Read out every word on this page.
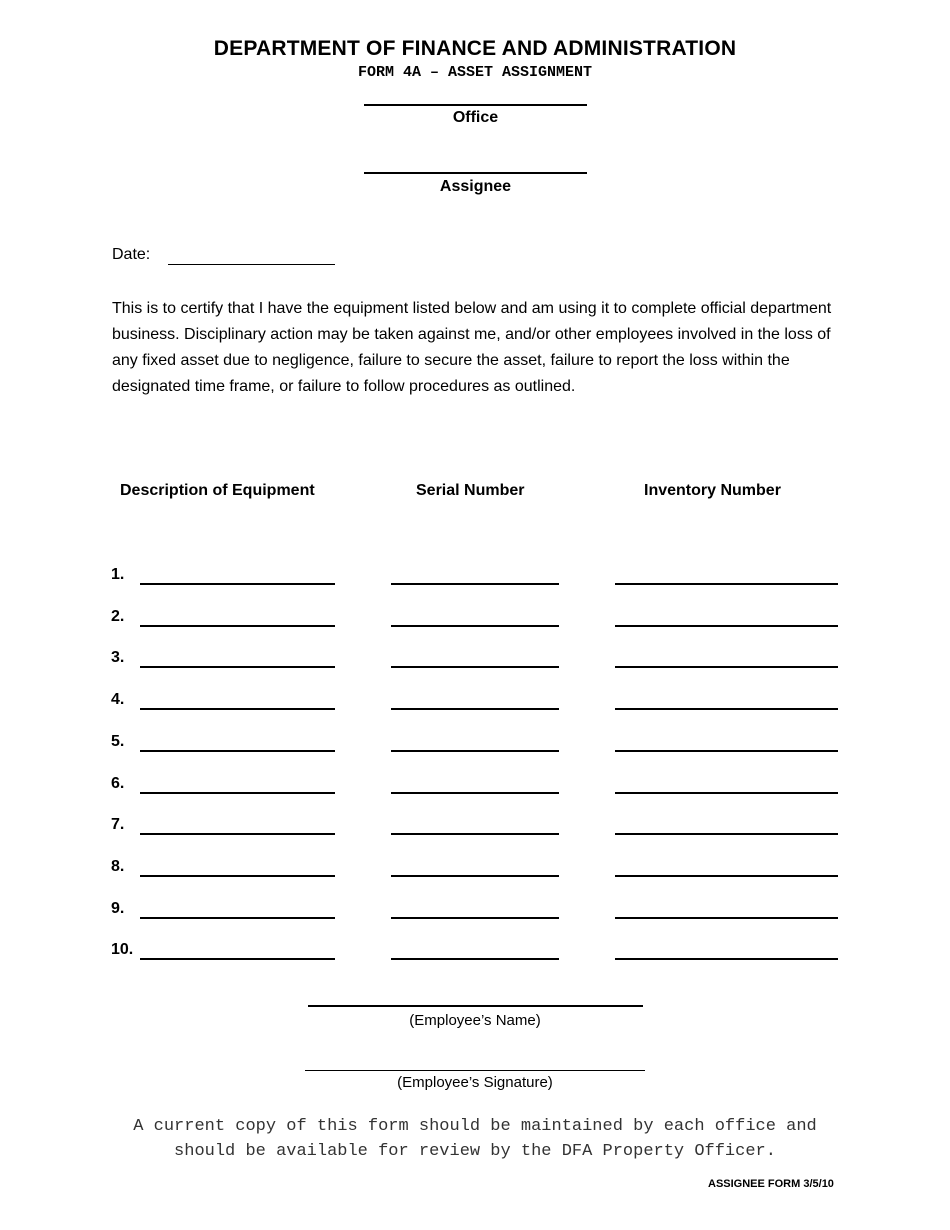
DEPARTMENT OF FINANCE AND ADMINISTRATION
FORM 4A – ASSET ASSIGNMENT
Office
Assignee
Date:
This is to certify that I have the equipment listed below and am using it to complete official department business. Disciplinary action may be taken against me, and/or other employees involved in the loss of any fixed asset due to negligence, failure to secure the asset, failure to report the loss within the designated time frame, or failure to follow procedures as outlined.
Description of Equipment	Serial Number	Inventory Number
1.
2.
3.
4.
5.
6.
7.
8.
9.
10.
(Employee’s Name)
(Employee’s Signature)
A current copy of this form should be maintained by each office and
should be available for review by the DFA Property Officer.
ASSIGNEE FORM 3/5/10
